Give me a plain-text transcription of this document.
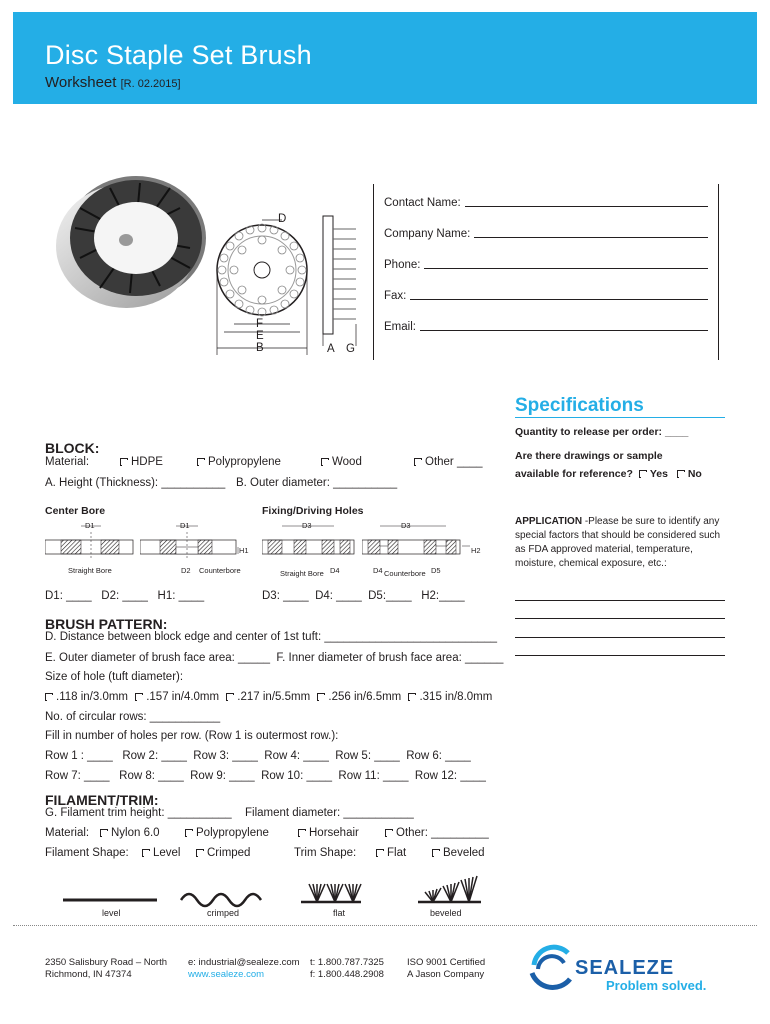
Disc Staple Set Brush
Worksheet [R. 02.2015]
D
F
E
B	A G
Contact Name:
Company Name:
Phone:
Fax:
Email:
Specifications
Quantity to release per order: ____
Are there drawings or sample
available for reference? Yes No
APPLICATION -Please be sure to identify any special factors that should be considered such as FDA approved material, temperature, moisture, chemical exposure, etc.:
BLOCK:
Material:	HDPE	Polypropylene	Wood	Other ____
A. Height (Thickness): __________ B. Outer diameter: __________
Center Bore	Fixing/Driving Holes
D1
Straight Bore
D1
H1
D2 Counterbore
D3
Straight Bore D4
D3
H2
D4 Counterbore D5
D1: ____   D2: ____   H1: ____	D3: ____  D4: ____  D5:____   H2:____
BRUSH PATTERN:
D. Distance between block edge and center of 1st tuft: ___________________________
E. Outer diameter of brush face area: _____  F. Inner diameter of brush face area: ______
Size of hole (tuft diameter):
.118 in/3.0mm .157 in/4.0mm .217 in/5.5mm .256 in/6.5mm .315 in/8.0mm
No. of circular rows: ___________
Fill in number of holes per row. (Row 1 is outermost row.):
Row 1 : ____   Row 2: ____  Row 3: ____  Row 4: ____  Row 5: ____  Row 6: ____
Row 7: ____   Row 8: ____  Row 9: ____  Row 10: ____  Row 11: ____  Row 12: ____
FILAMENT/TRIM:
G. Filament trim height: __________ Filament diameter: ___________
Material:	Nylon 6.0	Polypropylene	Horsehair	Other: _________
Filament Shape:	Level	Crimped	Trim Shape:	Flat	Beveled
level	crimped	flat	beveled
2350 Salisbury Road – North
Richmond, IN 47374
e: industrial@sealeze.com
www.sealeze.com
t: 1.800.787.7325
f: 1.800.448.2908
ISO 9001 Certified
A Jason Company	SEALEZE
Problem solved.
